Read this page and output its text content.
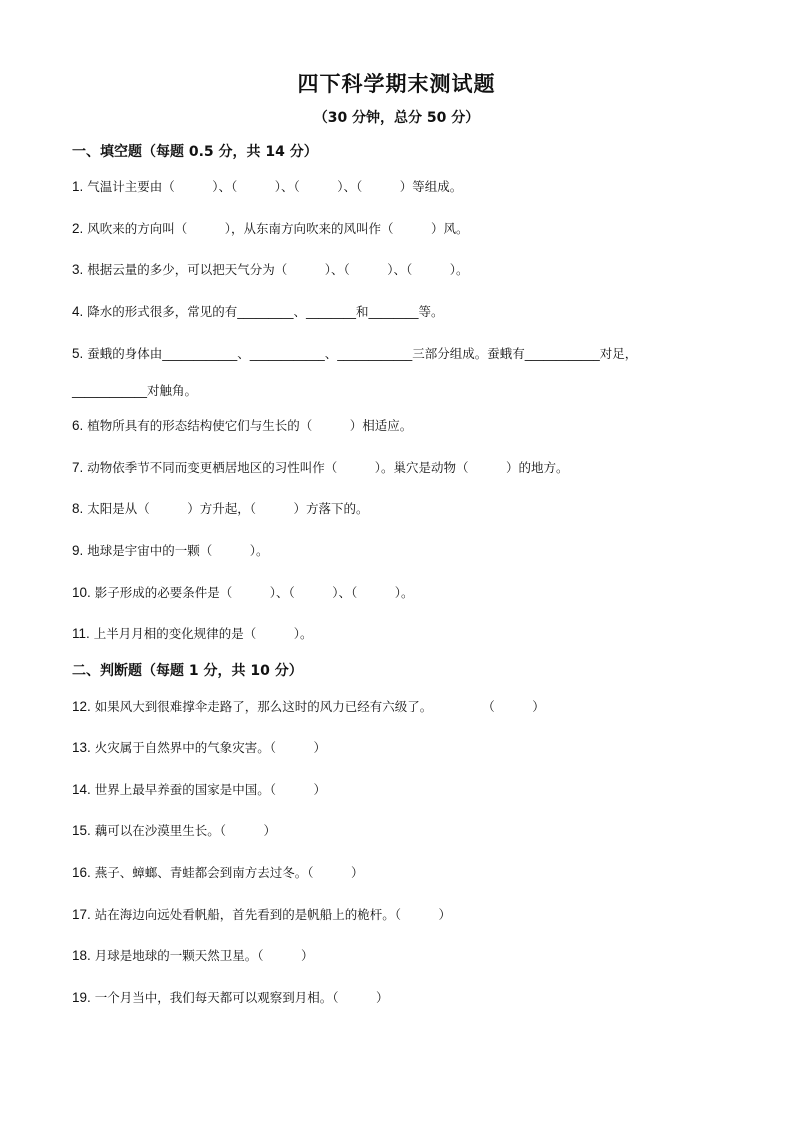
四下科学期末测试题
（30 分钟，总分 50 分）
一、填空题（每题 0.5 分，共 14 分）
1. 气温计主要由（　　　）、（　　　）、（　　　）、（　　　）等组成。
2. 风吹来的方向叫（　　　），从东南方向吹来的风叫作（　　　）风。
3. 根据云量的多少，可以把天气分为（　　　）、（　　　）、（　　　）。
4. 降水的形式很多，常见的有_________、________和________等。
5. 蚕蛾的身体由____________、____________、____________三部分组成。蚕蛾有____________对足，
____________对触角。
6. 植物所具有的形态结构使它们与生长的（　　　）相适应。
7. 动物依季节不同而变更栖居地区的习性叫作（　　　）。巢穴是动物（　　　）的地方。
8. 太阳是从（　　　）方升起，（　　　）方落下的。
9. 地球是宇宙中的一颗（　　　）。
10. 影子形成的必要条件是（　　　）、（　　　）、（　　　）。
11. 上半月月相的变化规律的是（　　　）。
二、判断题（每题 1 分，共 10 分）
12. 如果风大到很难撑伞走路了，那么这时的风力已经有六级了。　　　　　（　　　）
13. 火灾属于自然界中的气象灾害。（　　　）
14. 世界上最早养蚕的国家是中国。（　　　）
15. 藕可以在沙漠里生长。（　　　）
16. 燕子、蟑螂、青蛙都会到南方去过冬。（　　　）
17. 站在海边向远处看帆船，首先看到的是帆船上的桅杆。（　　　）
18. 月球是地球的一颗天然卫星。（　　　）
19. 一个月当中，我们每天都可以观察到月相。（　　　）
